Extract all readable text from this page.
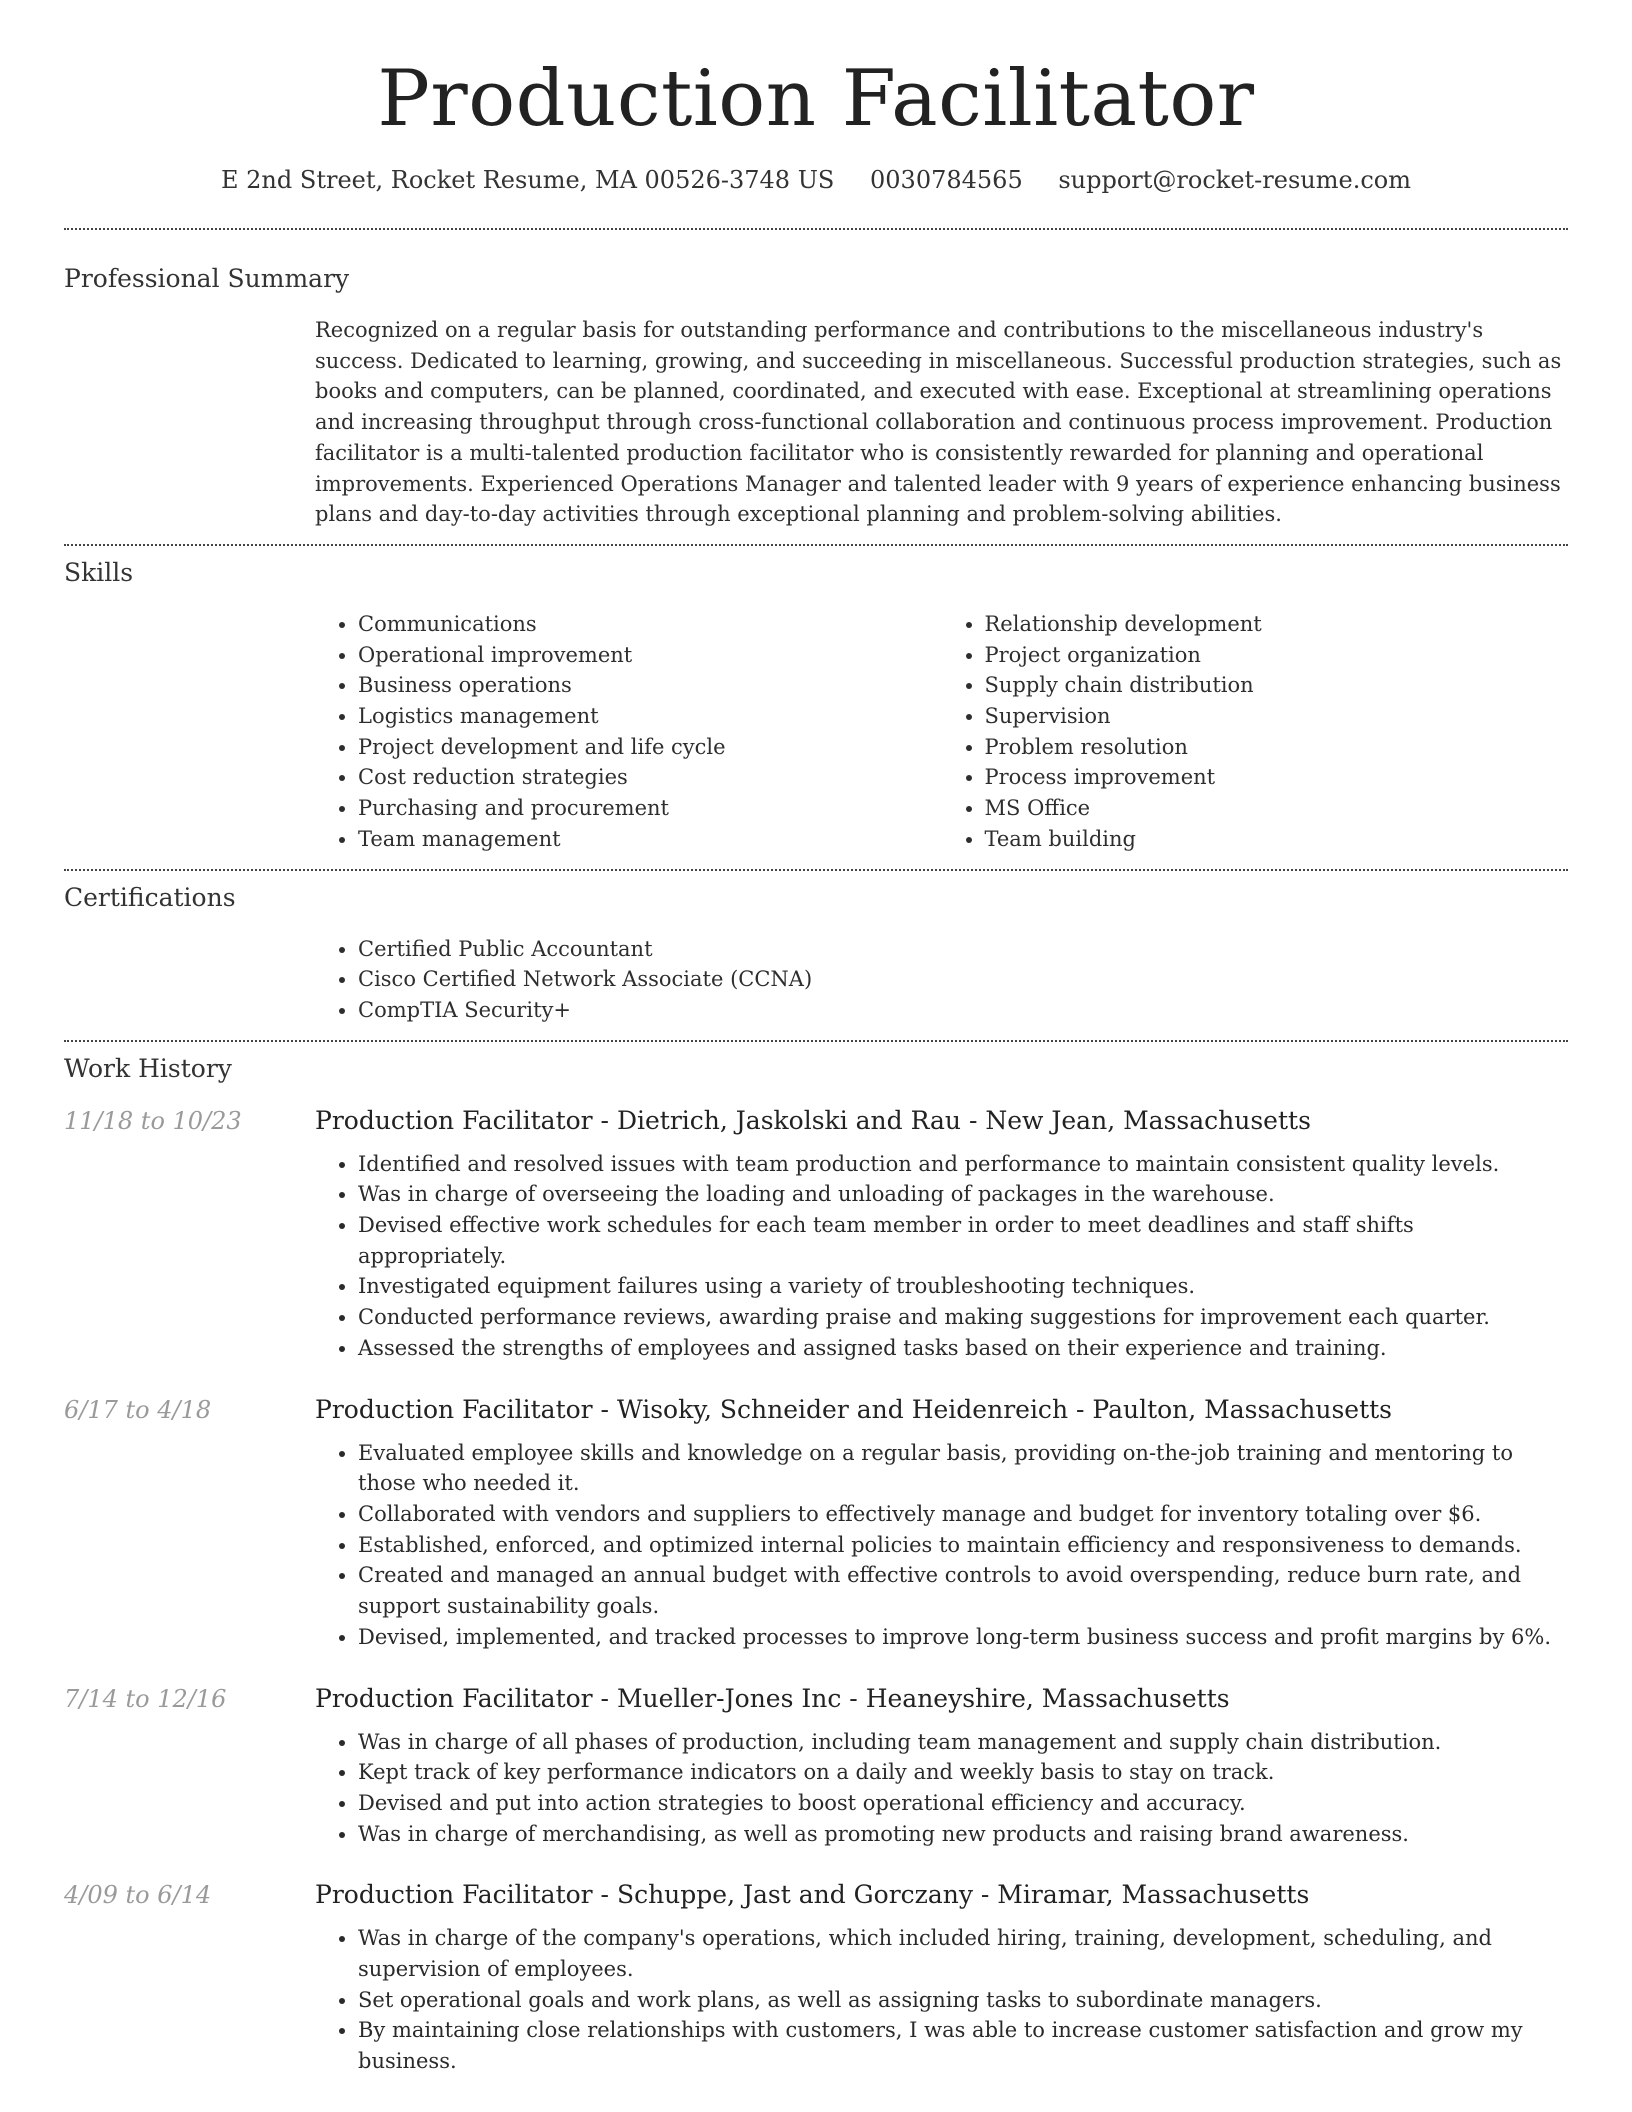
Production Facilitator
E 2nd Street, Rocket Resume, MA 00526-3748 US 0030784565 support@rocket-resume.com
Professional Summary

Recognized on a regular basis for outstanding performance and contributions to the miscellaneous industry's success. Dedicated to learning, growing, and succeeding in miscellaneous. Successful production strategies, such as books and computers, can be planned, coordinated, and executed with ease. Exceptional at streamlining operations and increasing throughput through cross-functional collaboration and continuous process improvement. Production facilitator is a multi-talented production facilitator who is consistently rewarded for planning and operational improvements. Experienced Operations Manager and talented leader with 9 years of experience enhancing business plans and day-to-day activities through exceptional planning and problem-solving abilities.

Skills
• Communications
• Operational improvement
• Business operations
• Logistics management
• Project development and life cycle
• Cost reduction strategies
• Purchasing and procurement
• Team management
• Relationship development
• Project organization
• Supply chain distribution
• Supervision
• Problem resolution
• Process improvement
• MS Office
• Team building
Certifications
• Certified Public Accountant
• Cisco Certified Network Associate (CCNA)
• CompTIA Security+
Work History
11/18 to 10/23	Production Facilitator - Dietrich, Jaskolski and Rau - New Jean, Massachusetts
• Identified and resolved issues with team production and performance to maintain consistent quality levels.
• Was in charge of overseeing the loading and unloading of packages in the warehouse.
• Devised effective work schedules for each team member in order to meet deadlines and staff shifts appropriately.
• Investigated equipment failures using a variety of troubleshooting techniques.
• Conducted performance reviews, awarding praise and making suggestions for improvement each quarter.
• Assessed the strengths of employees and assigned tasks based on their experience and training.
6/17 to 4/18	Production Facilitator - Wisoky, Schneider and Heidenreich - Paulton, Massachusetts
• Evaluated employee skills and knowledge on a regular basis, providing on-the-job training and mentoring to those who needed it.
• Collaborated with vendors and suppliers to effectively manage and budget for inventory totaling over $6.
• Established, enforced, and optimized internal policies to maintain efficiency and responsiveness to demands.
• Created and managed an annual budget with effective controls to avoid overspending, reduce burn rate, and support sustainability goals.
• Devised, implemented, and tracked processes to improve long-term business success and profit margins by 6%.
7/14 to 12/16	Production Facilitator - Mueller-Jones Inc - Heaneyshire, Massachusetts
• Was in charge of all phases of production, including team management and supply chain distribution.
• Kept track of key performance indicators on a daily and weekly basis to stay on track.
• Devised and put into action strategies to boost operational efficiency and accuracy.
• Was in charge of merchandising, as well as promoting new products and raising brand awareness.
4/09 to 6/14	Production Facilitator - Schuppe, Jast and Gorczany - Miramar, Massachusetts
• Was in charge of the company's operations, which included hiring, training, development, scheduling, and supervision of employees.
• Set operational goals and work plans, as well as assigning tasks to subordinate managers.
• By maintaining close relationships with customers, I was able to increase customer satisfaction and grow my business.
